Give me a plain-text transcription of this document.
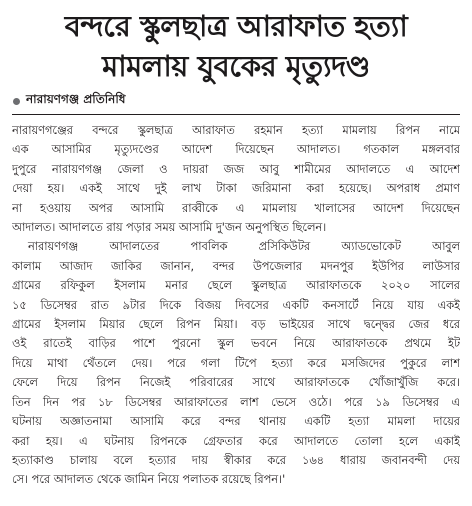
বন্দরে স্কুলছাত্র আরাফাত হত্যা
মামলায় যুবকের মৃত্যুদণ্ড
নারায়ণগঞ্জ প্রতিনিধি
নারায়ণগঞ্জের বন্দরে স্কুলছাত্র আরাফাত রহমান হত্যা মামলায় রিপন নামে
এক আসামির মৃত্যুদণ্ডের আদেশ দিয়েছেন আদালত। গতকাল মঙ্গলবার
দুপুরে নারায়ণগঞ্জ জেলা ও দায়রা জজ আবু শামীমের আদালতে এ আদেশ
দেয়া হয়। একই সাথে দুই লাখ টাকা জরিমানা করা হয়েছে। অপরাধ প্রমাণ
না হওয়ায় অপর আসামি রাব্বীকে এ মামলায় খালাসের আদেশ দিয়েছেন
আদালত। আদালতে রায় পড়ার সময় আসামি দু'জন অনুপস্থিত ছিলেন।
নারায়ণগঞ্জ আদালতের পাবলিক প্রসিকিউটর অ্যাডভোকেট আবুল
কালাম আজাদ জাকির জানান, বন্দর উপজেলার মদনপুর ইউপির লাউসার
গ্রামের রফিকুল ইসলাম মনার ছেলে স্কুলছাত্র আরাফাতকে ২০২০ সালের
১৫ ডিসেম্বর রাত ৯টার দিকে বিজয় দিবসের একটি কনসার্টে নিয়ে যায় একই
গ্রামের ইসলাম মিয়ার ছেলে রিপন মিয়া। বড় ভাইয়ের সাথে দ্বন্দ্বের জের ধরে
ওই রাতেই বাড়ির পাশে পুরনো স্কুল ভবনে নিয়ে আরাফাতকে প্রথমে ইট
দিয়ে মাথা থেঁতলে দেয়। পরে গলা টিপে হত্যা করে মসজিদের পুকুরে লাশ
ফেলে দিয়ে রিপন নিজেই পরিবারের সাথে আরাফাতকে খোঁজাখুঁজি করে।
তিন দিন পর ১৮ ডিসেম্বর আরাফাতের লাশ ভেসে ওঠে। পরে ১৯ ডিসেম্বর এ
ঘটনায় অজ্ঞাতনামা আসামি করে বন্দর থানায় একটি হত্যা মামলা দায়ের
করা হয়। এ ঘটনায় রিপনকে গ্রেফতার করে আদালতে তোলা হলে একাই
হত্যাকাণ্ড চালায় বলে হত্যার দায় স্বীকার করে ১৬৪ ধারায় জবানবন্দী দেয়
সে। পরে আদালত থেকে জামিন নিয়ে পলাতক রয়েছে রিপন।'
